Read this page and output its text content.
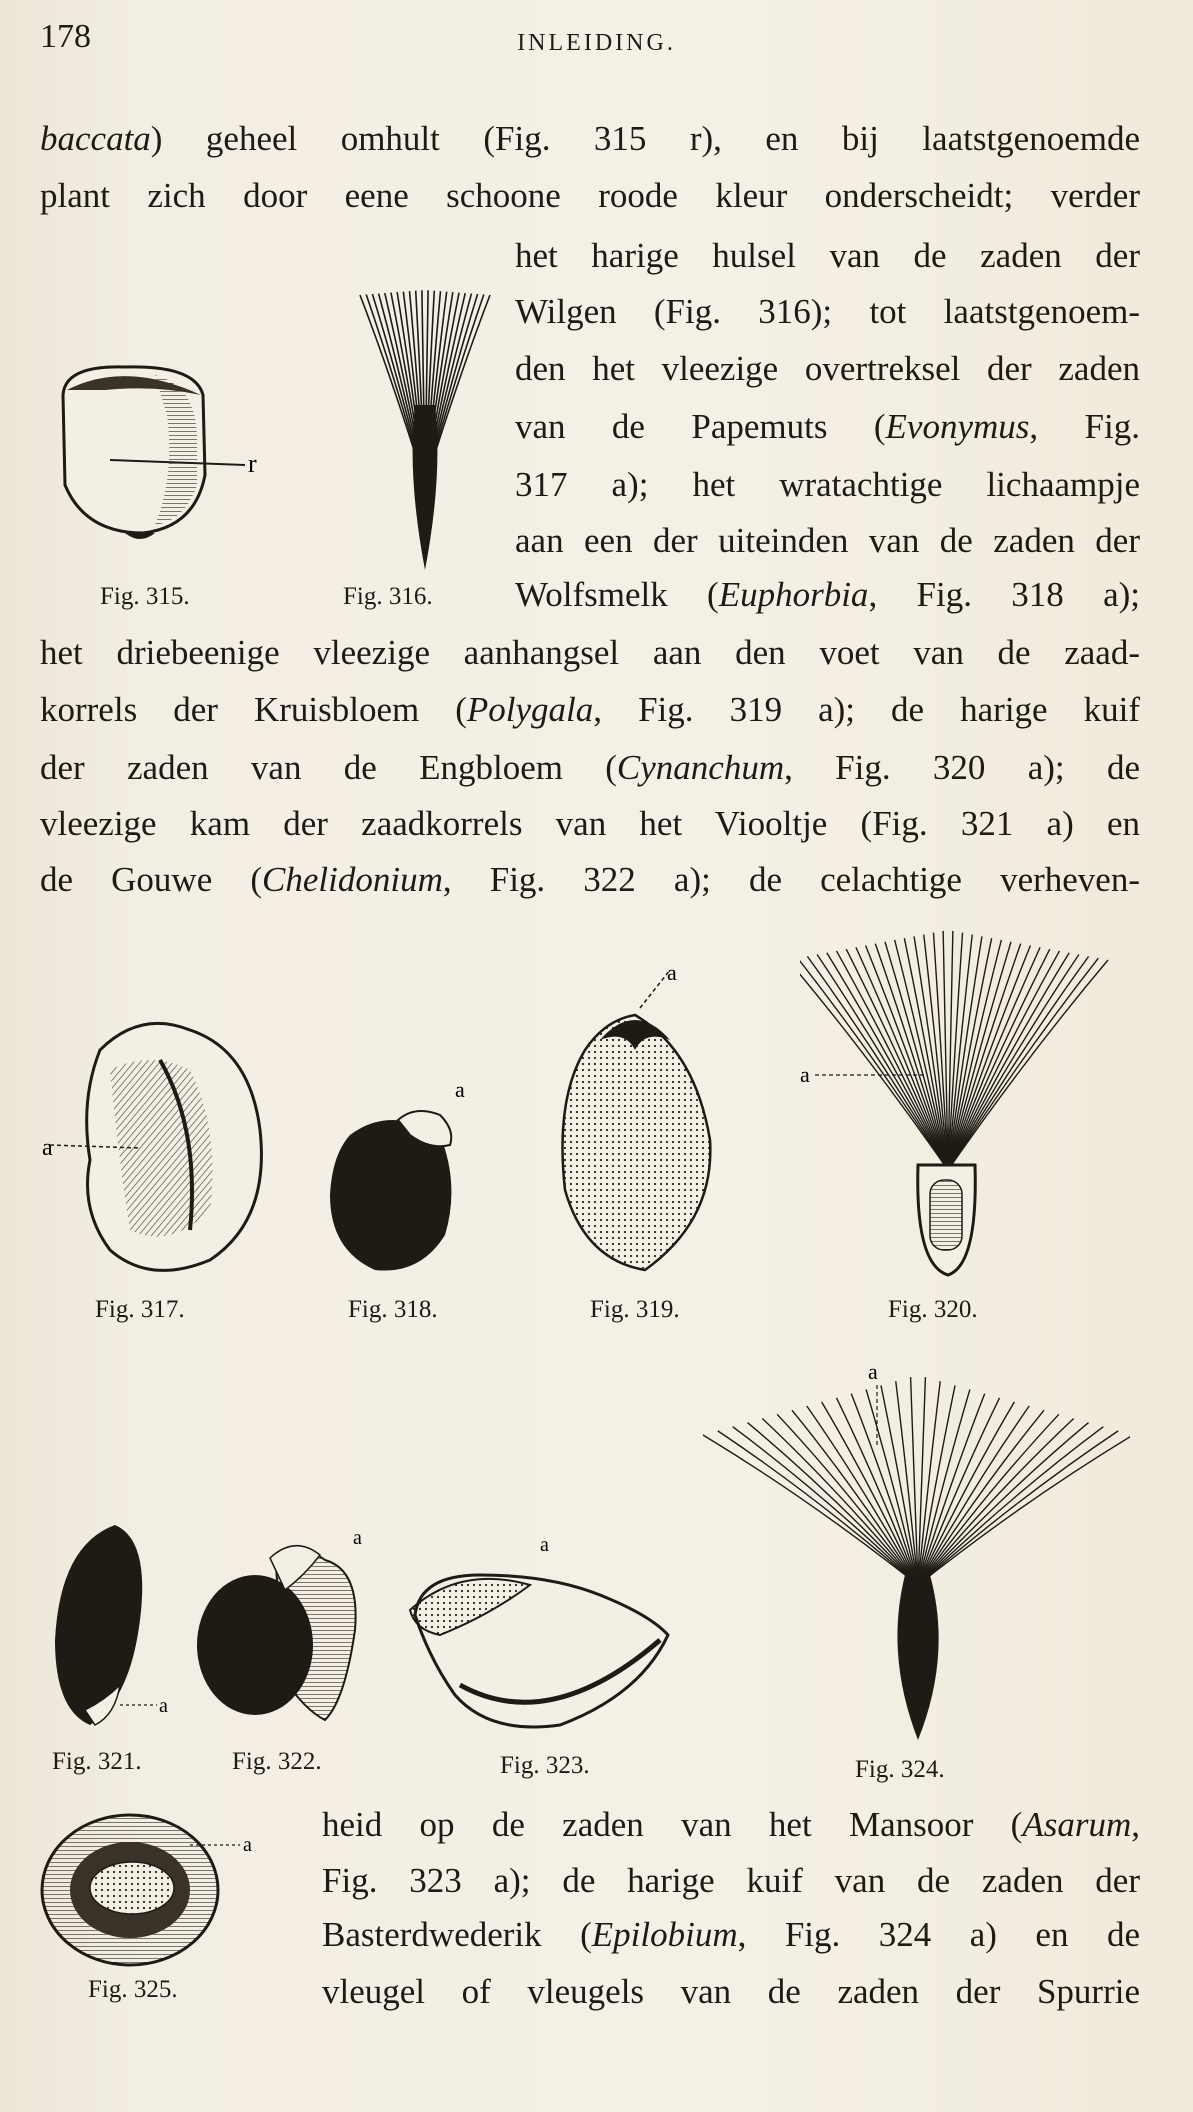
178	INLEIDING.
baccata) geheel omhult (Fig. 315 r), en bij laatstgenoemde
plant zich door eene schoone roode kleur onderscheidt; verder
het harige hulsel van de zaden der
Wilgen (Fig. 316); tot laatstgenoem-
den het vleezige overtreksel der zaden
van de Papemuts (Evonymus, Fig.
317 a); het wratachtige lichaampje
aan een der uiteinden van de zaden der
Wolfsmelk (Euphorbia, Fig. 318 a);
het driebeenige vleezige aanhangsel aan den voet van de zaad-
korrels der Kruisbloem (Polygala, Fig. 319 a); de harige kuif
der zaden van de Engbloem (Cynanchum, Fig. 320 a); de
vleezige kam der zaadkorrels van het Viooltje (Fig. 321 a) en
de Gouwe (Chelidonium, Fig. 322 a); de celachtige verheven-
heid op de zaden van het Mansoor (Asarum,
Fig. 323 a); de harige kuif van de zaden der
Basterdwederik (Epilobium, Fig. 324 a) en de
vleugel of vleugels van de zaden der Spurrie
r
Fig. 315.	Fig. 316.
a
Fig. 317.
a
Fig. 318.
a
Fig. 319.
a
Fig. 320.
a
Fig. 321.
a
Fig. 322.
a
Fig. 323.
a
Fig. 324.
a
Fig. 325.
